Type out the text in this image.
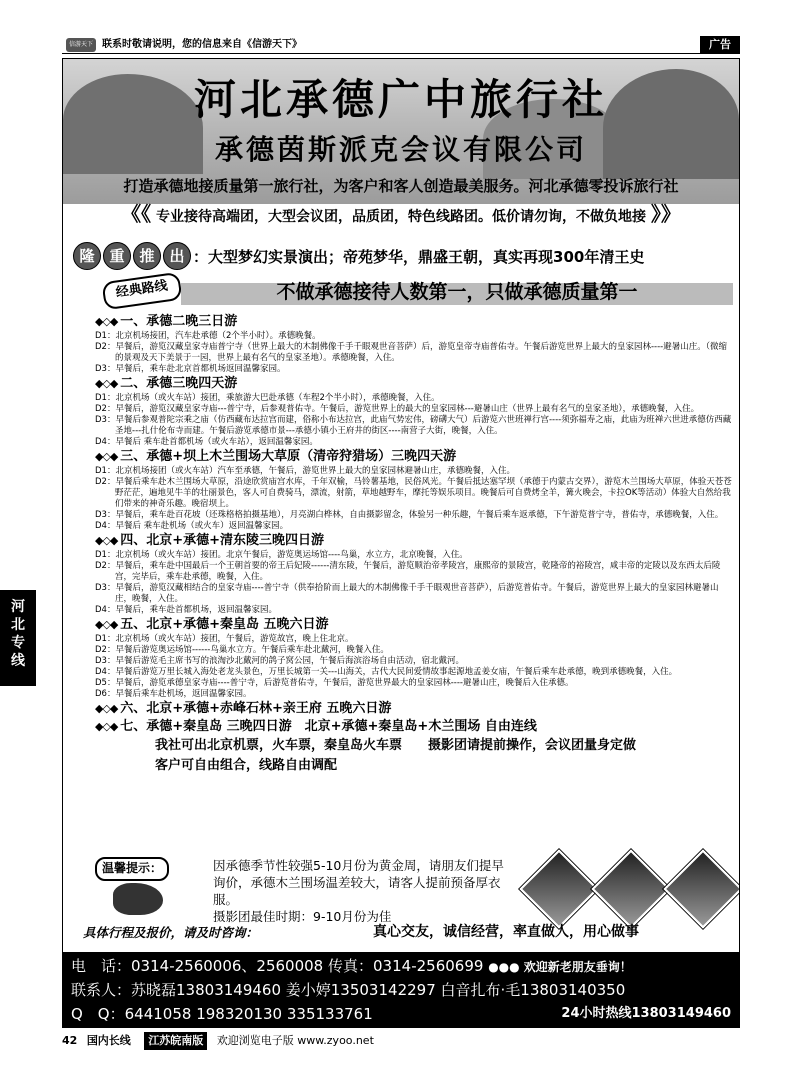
信游天下 联系时敬请说明，您的信息来自《信游天下》	广告
河
北
专
线
河北承德广中旅行社
承德茵斯派克会议有限公司
打造承德地接质量第一旅行社，为客户和客人创造最美服务。河北承德零投诉旅行社
《《 专业接待高端团，大型会议团，品质团，特色线路团。低价请勿询，不做负地接 》》
隆 重 推 出 ：大型梦幻实景演出；帝苑梦华，鼎盛王朝，真实再现300年清王史
不做承德接待人数第一，只做承德质量第一
经典路线

◆◇◆ 一、承德二晚三日游

D1：北京机场接团，汽车赴承德（2个半小时）。承德晚餐。

D2：早餐后，游览汉藏皇家寺庙普宁寺（世界上最大的木制佛像千手千眼观世音菩萨）后，游览皇帝寺庙普佑寺。午餐后游览世界上最大的皇家园林----避暑山庄。（微缩的景观及天下美景于一园，世界上最有名气的皇家圣地）。承德晚餐，入住。

D3：早餐后，乘车赴北京首都机场返回温馨家园。

◆◇◆ 二、承德三晚四天游

D1：北京机场（或火车站）接团，乘旅游大巴赴承德（车程2个半小时），承德晚餐，入住。

D2：早餐后，游览汉藏皇家寺庙---普宁寺，后参观普佑寺。午餐后，游览世界上的最大的皇家园林---避暑山庄（世界上最有名气的皇家圣地），承德晚餐，入住。

D3：早餐后参观普陀宗乘之庙（仿西藏布达拉宫而建，俗称小布达拉宫，此庙气势宏伟，磅礴大气）后游览六世班禅行宫----须弥福寿之庙，此庙为班禅六世进承德仿西藏圣地---扎什伦布寺而建。午餐后游览承德市景---承德小镇小王府井的街区----南营子大街，晚餐，入住。

D4：早餐后 乘车赴首都机场（或火车站），返回温馨家园。

◆◇◆ 三、承德+坝上木兰围场大草原（清帝狩猎场）三晚四天游

D1：北京机场接团（或火车站）汽车至承德，午餐后，游览世界上最大的皇家园林避暑山庄，承德晚餐，入住。

D2：早餐后乘车赴木兰围场大草原，沿途欣赏庙宫水库，千年双榆，马铃薯基地，民俗风光。午餐后抵达塞罕坝（承德于内蒙古交界），游览木兰围场大草原，体验天苍苍野茫茫，遍地见牛羊的壮丽景色，客人可自费骑马，漂流，射箭，草地越野车，摩托等娱乐项目。晚餐后可自费烤全羊，篝火晚会，卡拉OK等活动）体验大自然给我们带来的神奇乐趣。晚宿坝上。

D3：早餐后，乘车赴百花坡（还珠格格拍摄基地），月亮湖白桦林，自由摄影留念，体验另一种乐趣，午餐后乘车返承德，下午游览普宁寺，普佑寺，承德晚餐，入住。

D4：早餐后 乘车赴机场（或火车）返回温馨家园。

◆◇◆ 四、北京+承德+清东陵三晚四日游

D1：北京机场（或火车站）接团。北京午餐后，游览奥运场馆----鸟巢，水立方，北京晚餐，入住。

D2：早餐后，乘车赴中国最后一个王朝首要的帝王后妃陵------清东陵，午餐后，游览顺治帝孝陵宫，康熙帝的景陵宫，乾隆帝的裕陵宫，咸丰帝的定陵以及东西太后陵宫，完毕后，乘车赴承德，晚餐，入住。

D3：早餐后，游览汉藏相结合的皇家寺庙----普宁寺（供奉拾阶而上最大的木制佛像千手千眼观世音菩萨），后游览普佑寺。午餐后，游览世界上最大的皇家园林避暑山庄，晚餐，入住。

D4：早餐后，乘车赴首都机场，返回温馨家园。

◆◇◆ 五、北京+承德+秦皇岛 五晚六日游

D1：北京机场（或火车站）接团，午餐后，游览故宫，晚上住北京。

D2：早餐后游览奥运场馆------鸟巢水立方。午餐后乘车赴北戴河，晚餐入住。

D3：早餐后游览毛主席书写的浪淘沙北戴河的鸽子窝公园，午餐后海滨浴场自由活动，宿北戴河。

D4：早餐后游览万里长城入海处老龙头景色，万里长城第一关---山海关，古代大民间爱情故事起源地孟姜女庙，午餐后乘车赴承德，晚到承德晚餐，入住。

D5：早餐后，游览承德皇家寺庙----普宁寺，后游览普佑寺，午餐后，游览世界最大的皇家园林----避暑山庄，晚餐后入住承德。

D6：早餐后乘车赴机场，返回温馨家园。

◆◇◆ 六、北京+承德+赤峰石林+亲王府 五晚六日游

◆◇◆ 七、承德+秦皇岛 三晚四日游　北京+承德+秦皇岛+木兰围场 自由连线

我社可出北京机票，火车票，秦皇岛火车票　　摄影团请提前操作，会议团量身定做
客户可自由组合，线路自由调配
温馨提示：	因承德季节性较强5-10月份为黄金周，请朋友们提早

询价，承德木兰围场温差较大，请客人提前预备厚衣服。

摄影团最佳时期：9-10月份为佳

具体行程及报价，请及时咨询：	真心交友，诚信经营，率直做人，用心做事
电　话：0314-2560006、2560008 传真：0314-2560699 ●●● 欢迎新老朋友垂询！
联系人：苏晓磊13803149460 姜小婷13503142297 白音扎布·毛13803140350
Q　Q：6441058 198320130 335133761	24小时热线13803149460
42 国内长线 江苏皖南版 欢迎浏览电子版 www.zyoo.net
